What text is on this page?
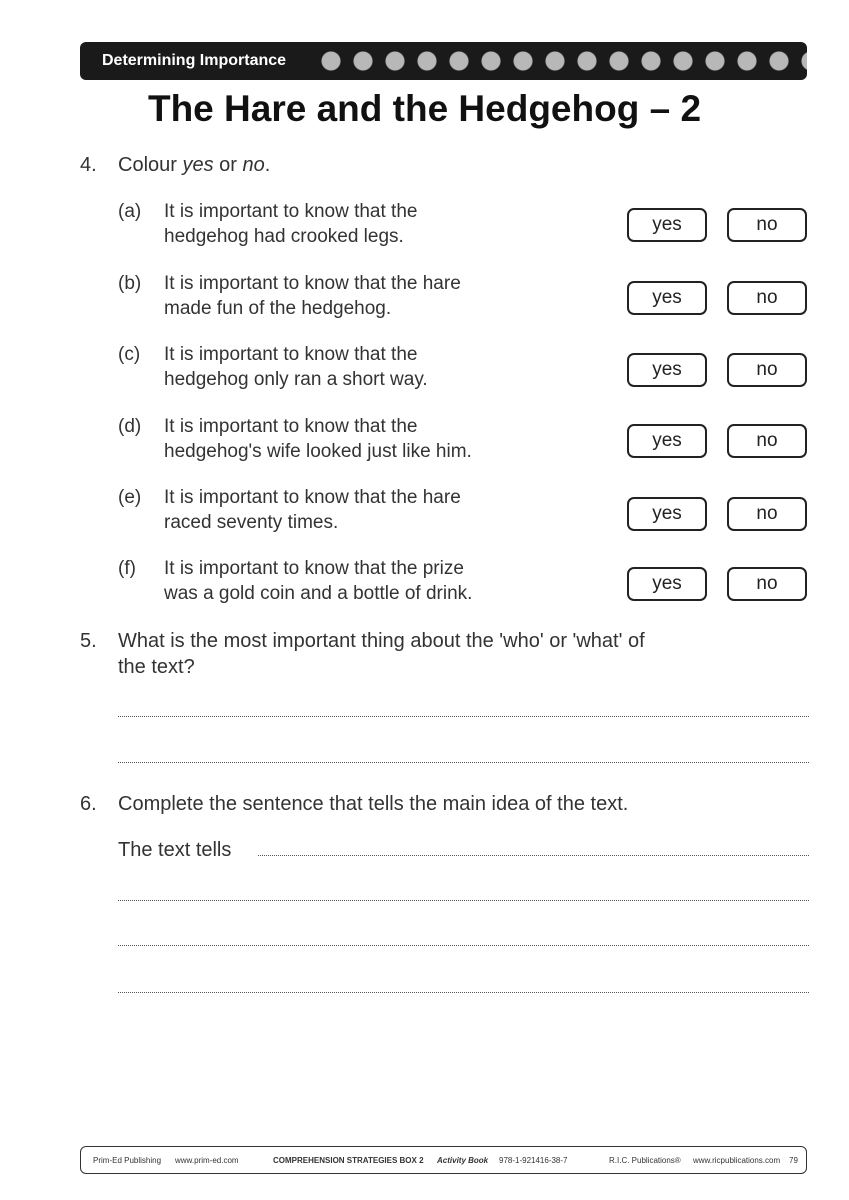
Determining Importance
The Hare and the Hedgehog – 2
4. Colour yes or no.
(a) It is important to know that the
hedgehog had crooked legs.
yes	no
(b) It is important to know that the hare
made fun of the hedgehog.
yes	no
(c) It is important to know that the
hedgehog only ran a short way.	yes	no
(d) It is important to know that the
hedgehog's wife looked just like him.
yes	no
(e) It is important to know that the hare
raced seventy times.	yes	no
(f) It is important to know that the prize
was a gold coin and a bottle of drink.	yes	no
5. What is the most important thing about the 'who' or 'what' of
the text?
6. Complete the sentence that tells the main idea of the text.
The text tells
Prim-Ed Publishing www.prim-ed.com	COMPREHENSION STRATEGIES BOX 2 Activity Book 978-1-921416-38-7	R.I.C. Publications® www.ricpublications.com 79
